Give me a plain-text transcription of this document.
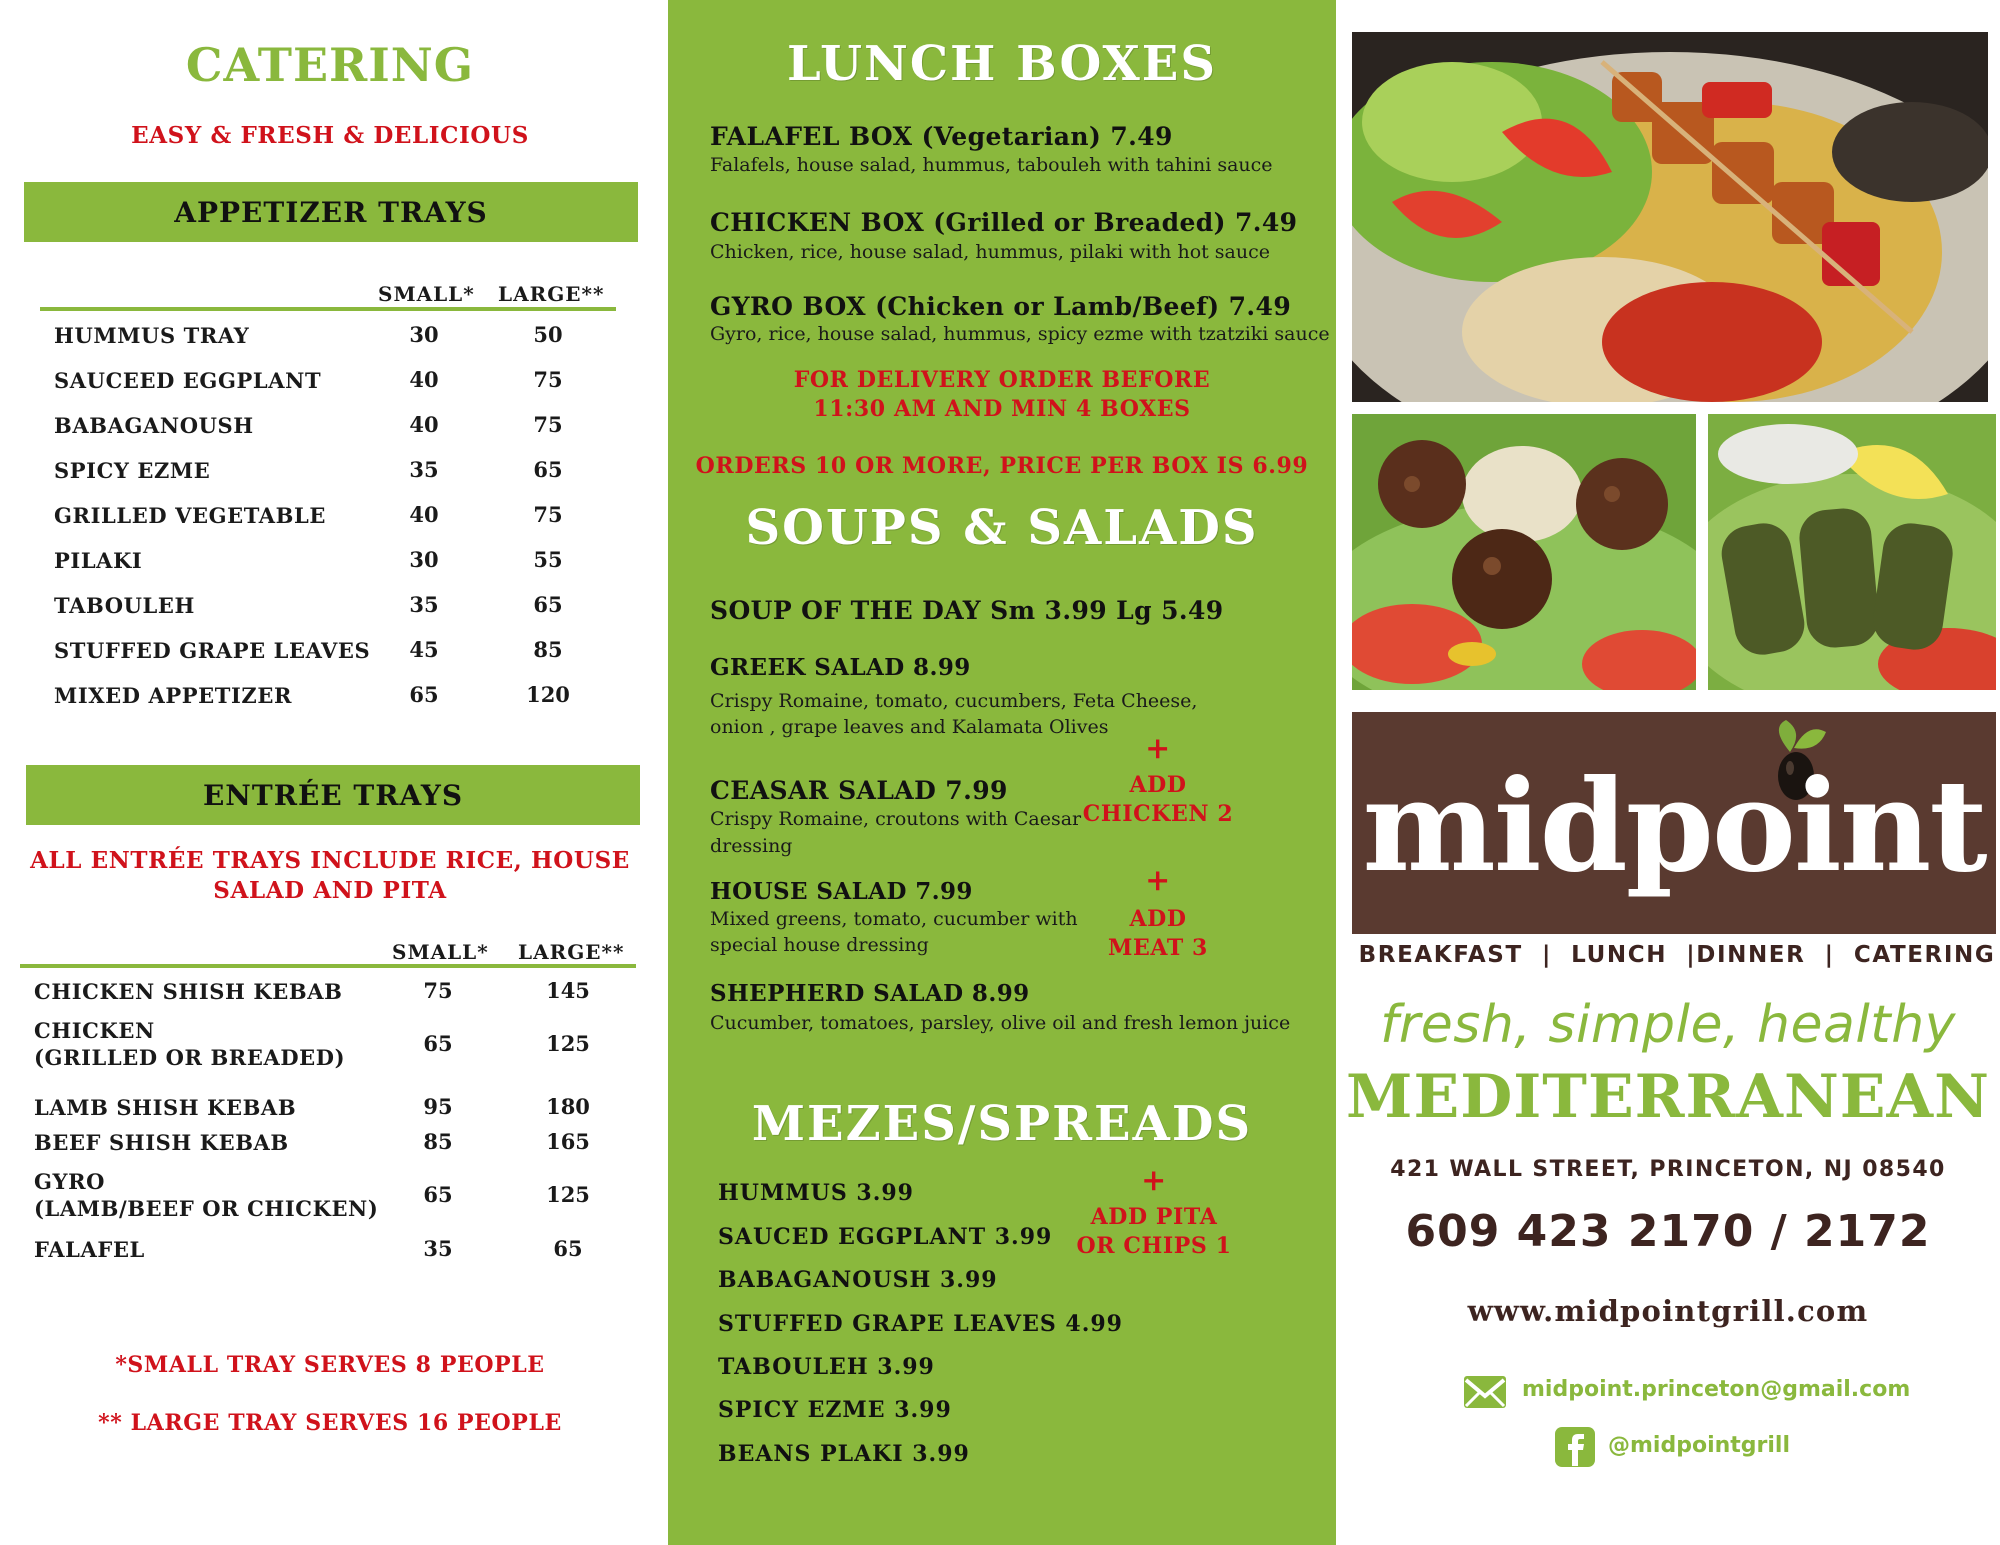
CATERING
EASY & FRESH & DELICIOUS
APPETIZER TRAYS
SMALL* LARGE**
HUMMUS TRAY	30	50
SAUCEED EGGPLANT	40	75
BABAGANOUSH	40	75
SPICY EZME	35	65
GRILLED VEGETABLE	40	75
PILAKI	30	55
TABOULEH	35	65
STUFFED GRAPE LEAVES	45	85
MIXED APPETIZER	65	120
ENTRÉE TRAYS
ALL ENTRÉE TRAYS INCLUDE RICE, HOUSE SALAD AND PITA
SMALL* LARGE**
CHICKEN SHISH KEBAB	75	145
CHICKEN
(GRILLED OR BREADED)
65	125
LAMB SHISH KEBAB	95	180
BEEF SHISH KEBAB	85	165
GYRO
(LAMB/BEEF OR CHICKEN)
65	125
FALAFEL	35	65
*SMALL TRAY SERVES 8 PEOPLE
** LARGE TRAY SERVES 16 PEOPLE
LUNCH BOXES
FALAFEL BOX (Vegetarian) 7.49
Falafels, house salad, hummus, tabouleh with tahini sauce
CHICKEN BOX (Grilled or Breaded) 7.49
Chicken, rice, house salad, hummus, pilaki with hot sauce
GYRO BOX (Chicken or Lamb/Beef) 7.49
Gyro, rice, house salad, hummus, spicy ezme with tzatziki sauce
FOR DELIVERY ORDER BEFORE
11:30 AM AND MIN 4 BOXES
ORDERS 10 OR MORE, PRICE PER BOX IS 6.99
SOUPS & SALADS
SOUP OF THE DAY Sm 3.99 Lg 5.49
GREEK SALAD 8.99
Crispy Romaine, tomato, cucumbers, Feta Cheese,
onion , grape leaves and Kalamata Olives
CEASAR SALAD 7.99
Crispy Romaine, croutons with Caesar
dressing
+
ADD
CHICKEN 2
HOUSE SALAD 7.99
Mixed greens, tomato, cucumber with
special house dressing
+
ADD
MEAT 3
SHEPHERD SALAD 8.99
Cucumber, tomatoes, parsley, olive oil and fresh lemon juice
MEZES/SPREADS
HUMMUS 3.99
SAUCED EGGPLANT 3.99
BABAGANOUSH 3.99
STUFFED GRAPE LEAVES 4.99
TABOULEH 3.99
SPICY EZME 3.99
BEANS PLAKI 3.99
+
ADD PITA
OR CHIPS 1
midpoint
BREAKFAST  |  LUNCH  |DINNER  |  CATERING
fresh, simple, healthy
MEDITERRANEAN
421 WALL STREET, PRINCETON, NJ 08540
609 423 2170 / 2172
www.midpointgrill.com
midpoint.princeton@gmail.com
@midpointgrill
